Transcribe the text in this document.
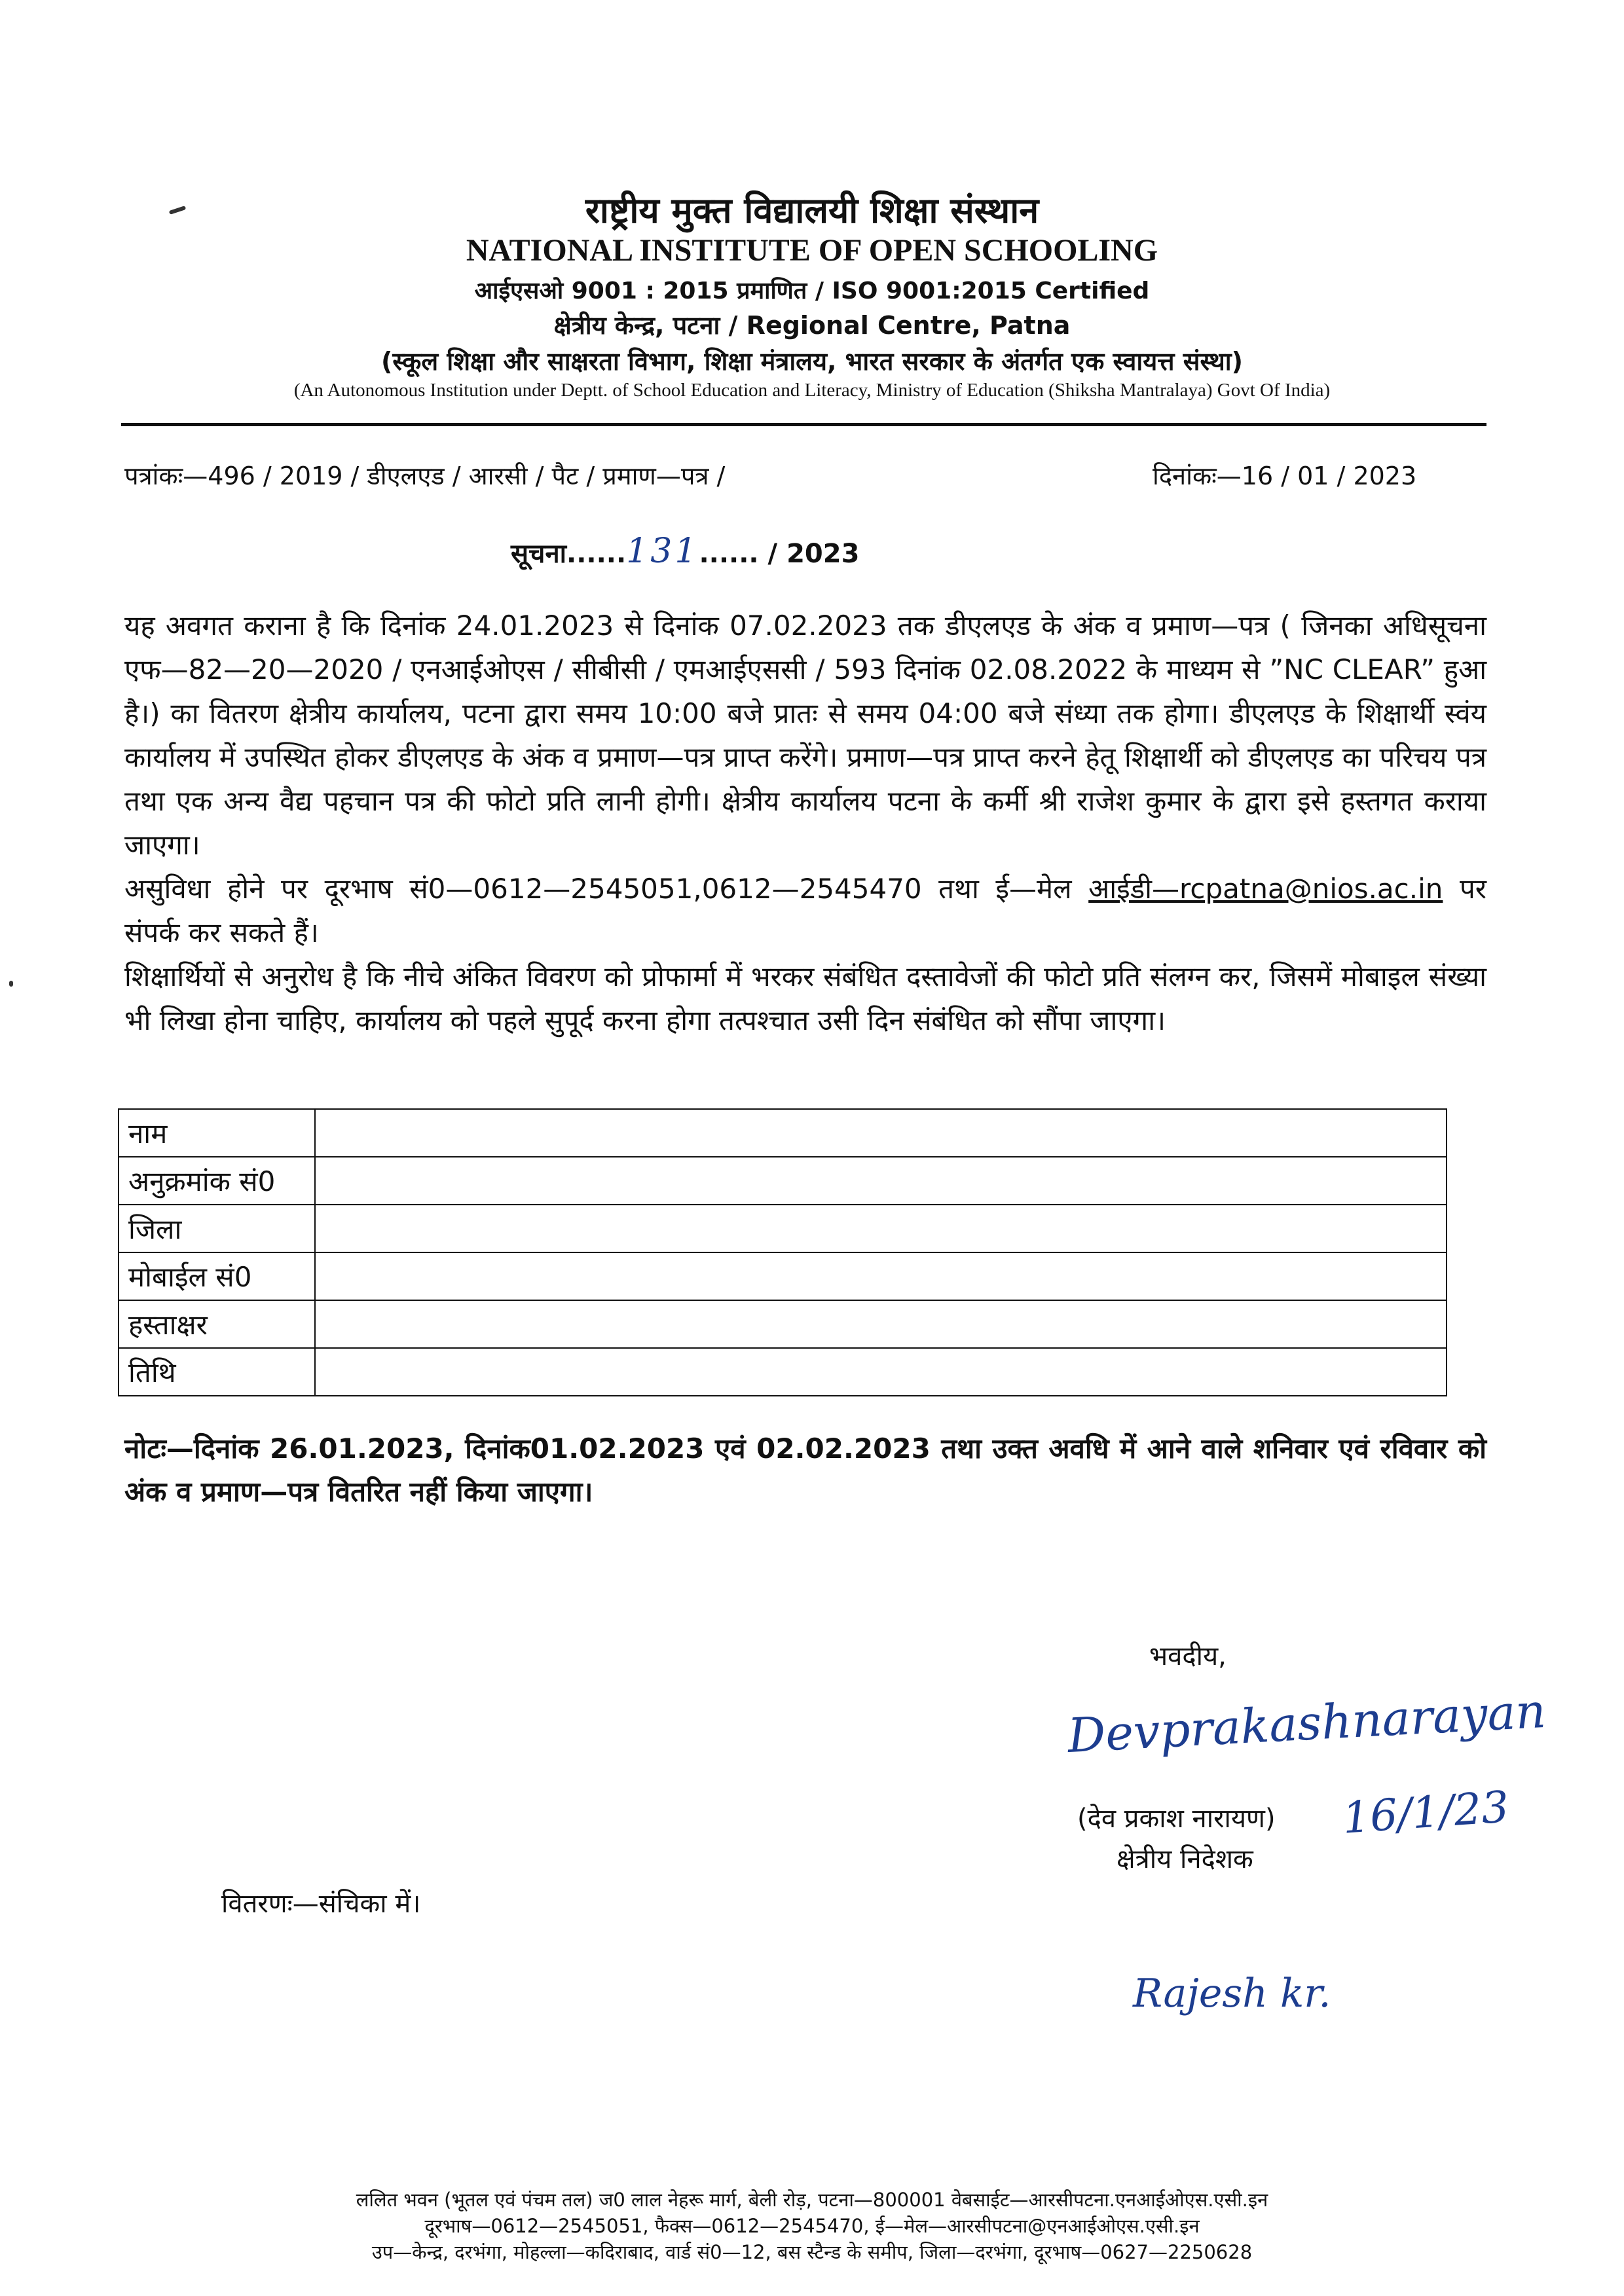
राष्ट्रीय मुक्त विद्यालयी शिक्षा संस्थान
NATIONAL INSTITUTE OF OPEN SCHOOLING
आईएसओ 9001 : 2015 प्रमाणित / ISO 9001:2015 Certified
क्षेत्रीय केन्द्र, पटना / Regional Centre, Patna
(स्कूल शिक्षा और साक्षरता विभाग, शिक्षा मंत्रालय, भारत सरकार के अंतर्गत एक स्वायत्त संस्था)
(An Autonomous Institution under Deptt. of School Education and Literacy, Ministry of Education (Shiksha Mantralaya) Govt Of India)
पत्रांकः—496 / 2019 / डीएलएड / आरसी / पैट / प्रमाण—पत्र /	दिनांकः—16 / 01 / 2023
सूचना......131...... / 2023
यह अवगत कराना है कि दिनांक 24.01.2023 से दिनांक 07.02.2023 तक डीएलएड के अंक व प्रमाण—पत्र ( जिनका अधिसूचना एफ—82—20—2020 / एनआईओएस / सीबीसी / एमआईएससी / 593 दिनांक 02.08.2022 के माध्यम से ”NC CLEAR” हुआ है।) का वितरण क्षेत्रीय कार्यालय, पटना द्वारा समय 10:00 बजे प्रातः से समय 04:00 बजे संध्या तक होगा। डीएलएड के शिक्षार्थी स्वंय कार्यालय में उपस्थित होकर डीएलएड के अंक व प्रमाण—पत्र प्राप्त करेंगे। प्रमाण—पत्र प्राप्त करने हेतू शिक्षार्थी को डीएलएड का परिचय पत्र तथा एक अन्य वैद्य पहचान पत्र की फोटो प्रति लानी होगी। क्षेत्रीय कार्यालय पटना के कर्मी श्री राजेश कुमार के द्वारा इसे हस्तगत कराया जाएगा।
असुविधा होने पर दूरभाष सं0—0612—2545051,0612—2545470 तथा ई—मेल आईडी—rcpatna@nios.ac.in पर संपर्क कर सकते हैं।
शिक्षार्थियों से अनुरोध है कि नीचे अंकित विवरण को प्रोफार्मा में भरकर संबंधित दस्तावेजों की फोटो प्रति संलग्न कर, जिसमें मोबाइल संख्या भी लिखा होना चाहिए, कार्यालय को पहले सुपूर्द करना होगा तत्पश्चात उसी दिन संबंधित को सौंपा जाएगा।
नाम	
अनुक्रमांक सं0	
जिला	
मोबाईल सं0	
हस्ताक्षर	
तिथि	
नोटः—दिनांक 26.01.2023, दिनांक01.02.2023 एवं 02.02.2023 तथा उक्त अवधि में आने वाले शनिवार एवं रविवार को अंक व प्रमाण—पत्र वितरित नहीं किया जाएगा।
भवदीय,
Devprakashnarayan
16/1/23
(देव प्रकाश नारायण)
क्षेत्रीय निदेशक
वितरणः—संचिका में।
Rajesh kr.
ललित भवन (भूतल एवं पंचम तल) ज0 लाल नेहरू मार्ग, बेली रोड़, पटना—800001 वेबसाईट—आरसीपटना.एनआईओएस.एसी.इन
दूरभाष—0612—2545051, फैक्स—0612—2545470, ई—मेल—आरसीपटना@एनआईओएस.एसी.इन
उप—केन्द्र, दरभंगा, मोहल्ला—कदिराबाद, वार्ड सं0—12, बस स्टैन्ड के समीप, जिला—दरभंगा, दूरभाष—0627—2250628
